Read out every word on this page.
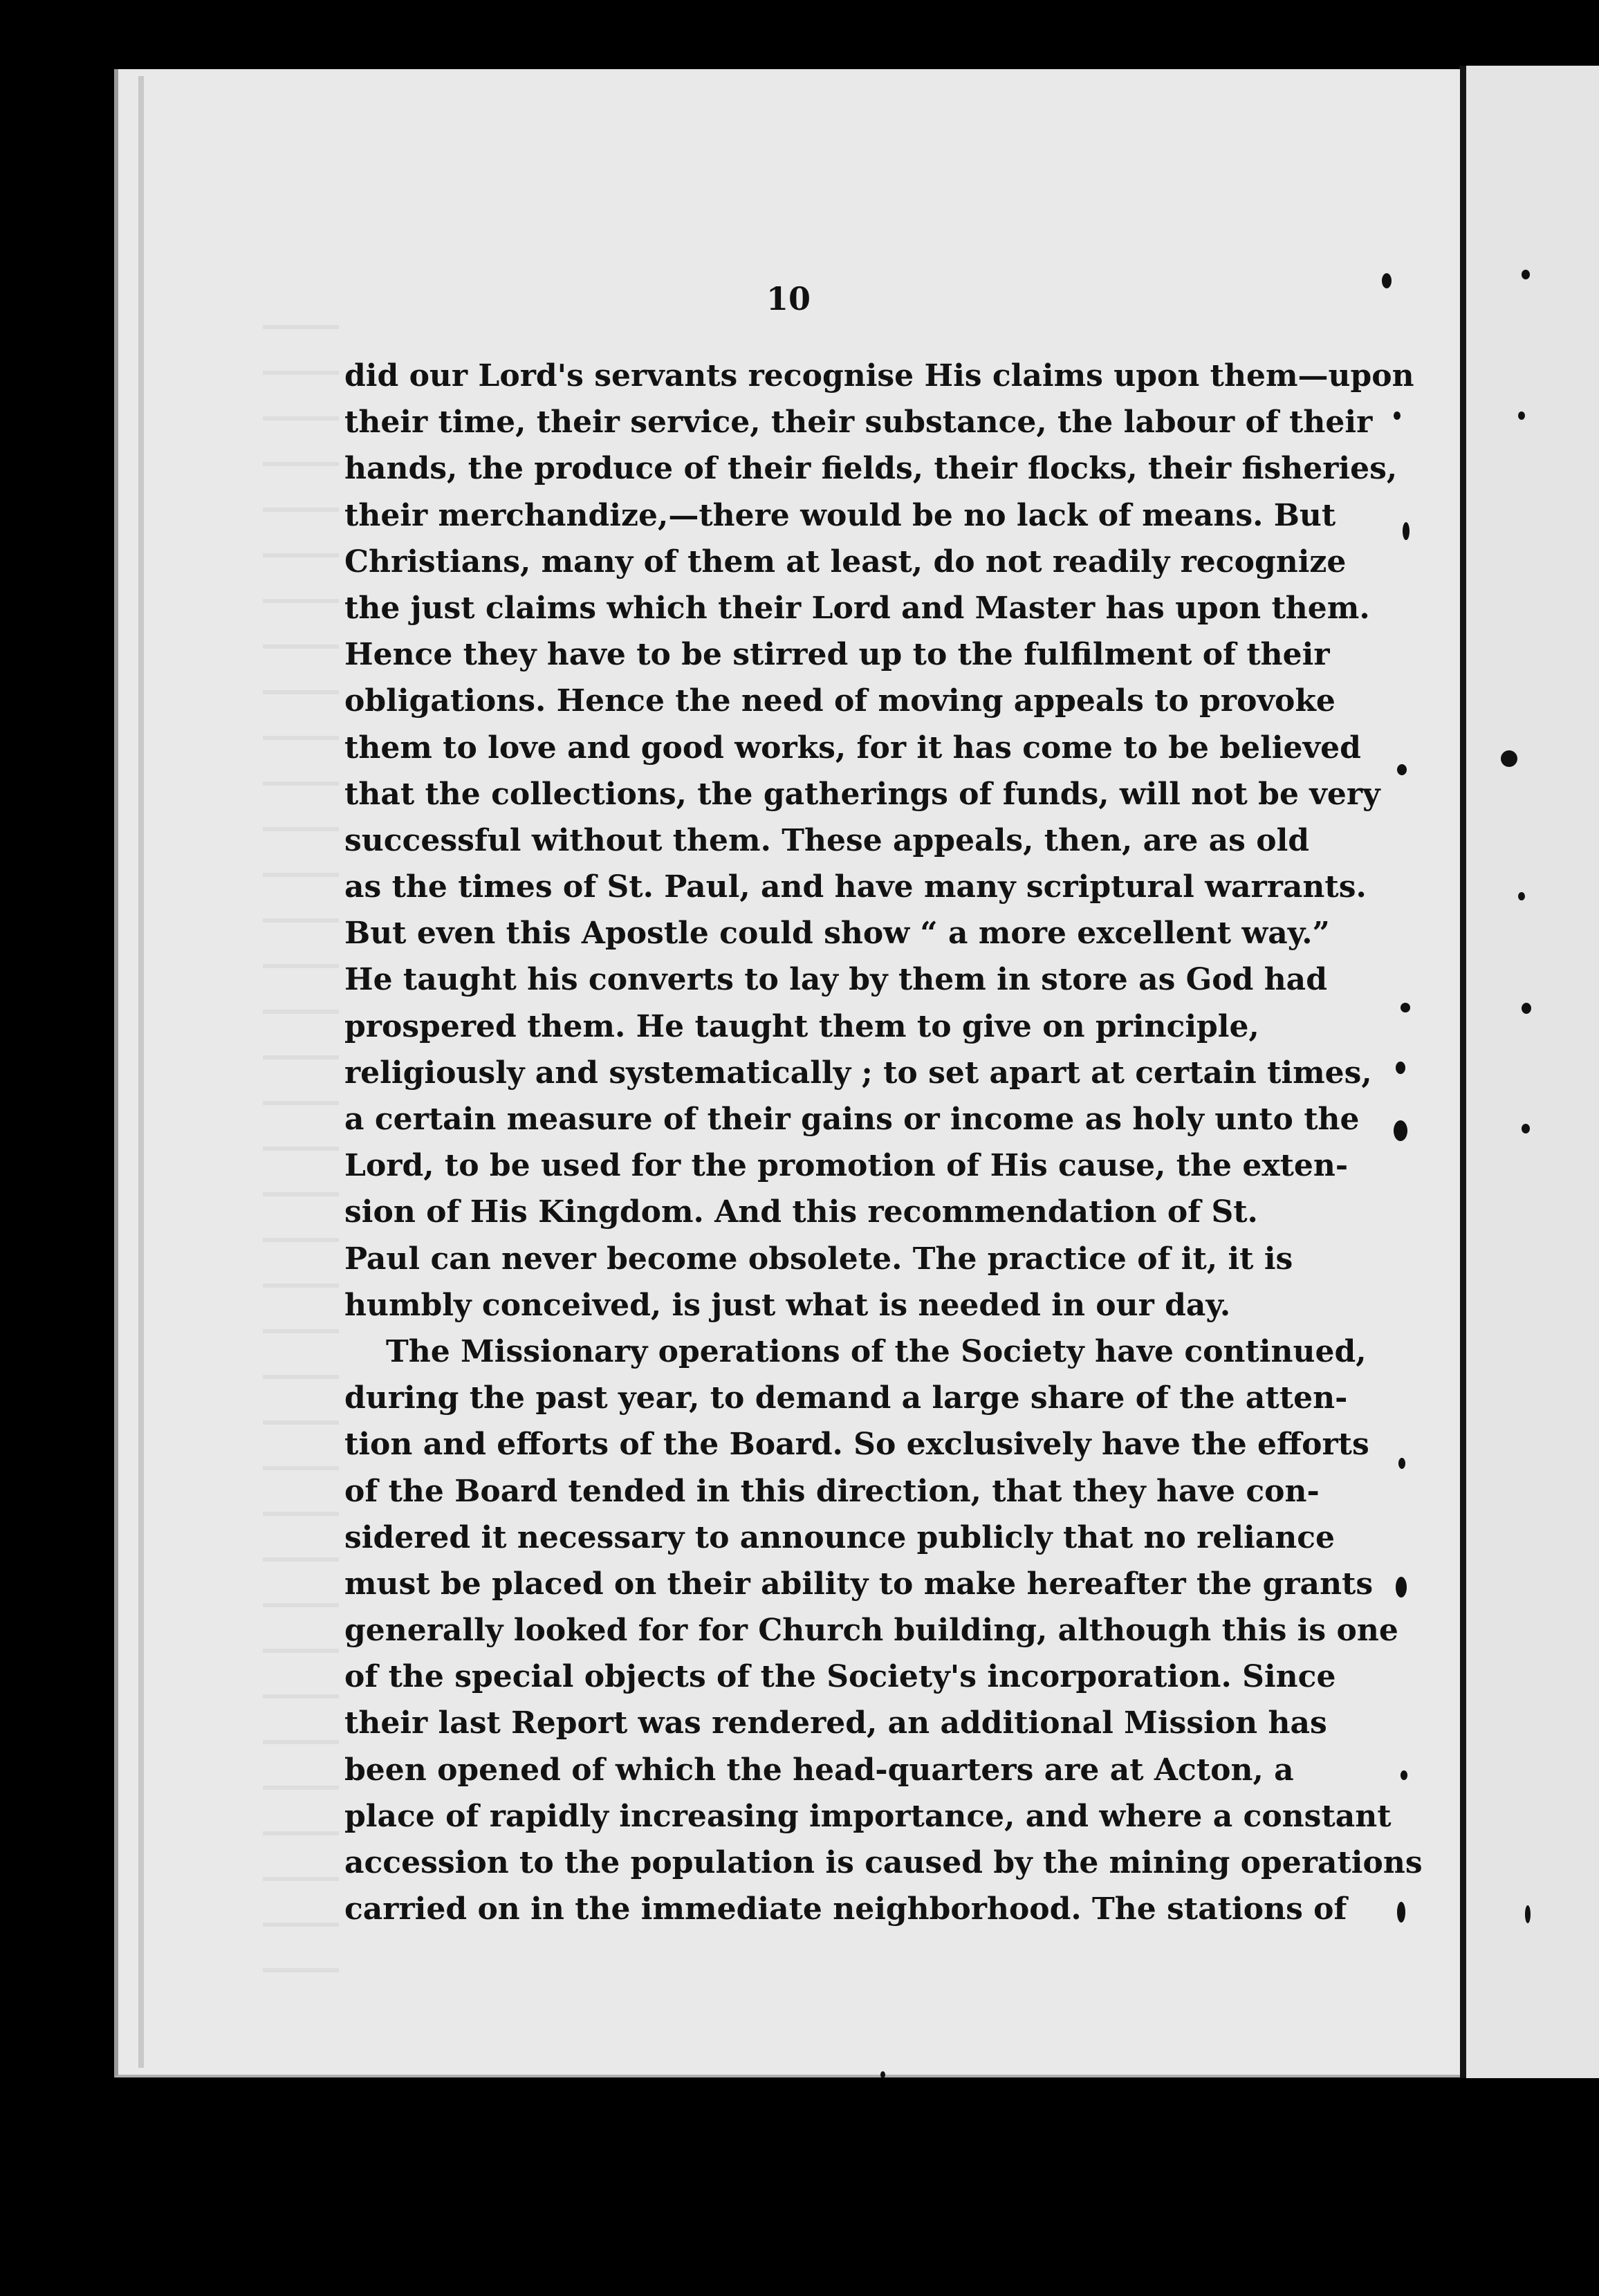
10
did our Lord's servants recognise His claims upon them—upon
their time, their service, their substance, the labour of their
hands, the produce of their fields, their flocks, their fisheries,
their merchandize,—there would be no lack of means. But
Christians, many of them at least, do not readily recognize
the just claims which their Lord and Master has upon them.
Hence they have to be stirred up to the fulfilment of their
obligations. Hence the need of moving appeals to provoke
them to love and good works, for it has come to be believed
that the collections, the gatherings of funds, will not be very
successful without them. These appeals, then, are as old
as the times of St. Paul, and have many scriptural warrants.
But even this Apostle could show “ a more excellent way.”
He taught his converts to lay by them in store as God had
prospered them. He taught them to give on principle,
religiously and systematically ; to set apart at certain times,
a certain measure of their gains or income as holy unto the
Lord, to be used for the promotion of His cause, the exten-
sion of His Kingdom. And this recommendation of St.
Paul can never become obsolete. The practice of it, it is
humbly conceived, is just what is needed in our day.
The Missionary operations of the Society have continued,
during the past year, to demand a large share of the atten-
tion and efforts of the Board. So exclusively have the efforts
of the Board tended in this direction, that they have con-
sidered it necessary to announce publicly that no reliance
must be placed on their ability to make hereafter the grants
generally looked for for Church building, although this is one
of the special objects of the Society's incorporation. Since
their last Report was rendered, an additional Mission has
been opened of which the head-quarters are at Acton, a
place of rapidly increasing importance, and where a constant
accession to the population is caused by the mining operations
carried on in the immediate neighborhood. The stations of
